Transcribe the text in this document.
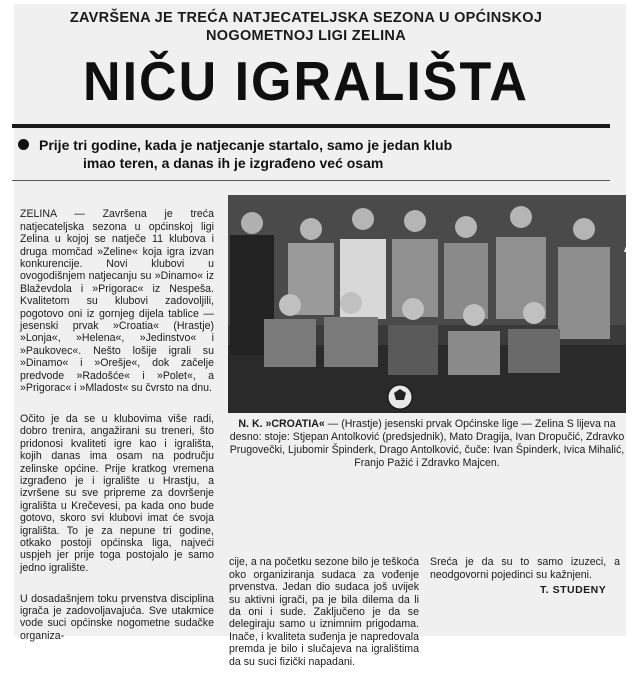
ZAVRŠENA JE TREĆA NATJECATELJSKA SEZONA U OPĆINSKOJ
NOGOMETNOJ LIGI ZELINA
NIČU IGRALIŠTA
Prije tri godine, kada je natjecanje startalo, samo je jedan klub
imao teren, a danas ih je izgrađeno već osam

ZELINA — Završena je treća natjecateljska sezona u općinskoj ligi Zelina u kojoj se natječe 11 klubova i druga momčad »Zeline« koja igra izvan konkurencije. Novi klubovi u ovogodišnjem natjecanju su »Dinamo« iz Blaževdola i »Prigorac« iz Nespeša. Kvalitetom su klubovi zadovoljili, pogotovo oni iz gornjeg dijela tablice — jesenski prvak »Croatia« (Hrastje) »Lonja«, »Helena«, »Jedinstvo« i »Paukovec«. Nešto lošije igrali su »Dinamo« i »Orešje«, dok začelje predvode »Radošće« i »Polet«, a »Prigorac« i »Mladost« su čvrsto na dnu.

Očito je da se u klubovima više radi, dobro trenira, angažirani su treneri, što pridonosi kvaliteti igre kao i igrališta, kojih danas ima osam na području zelinske općine. Prije kratkog vremena izgrađeno je i igralište u Hrastju, a izvršene su sve pripreme za dovršenje igrališta u Krečevesi, pa kada ono bude gotovo, skoro svi klubovi imat će svoja igrališta. To je za nepune tri godine, otkako postoji općinska liga, najveći uspjeh jer prije toga postojalo je samo jedno igralište.

U dosadašnjem toku prvenstva disciplina igrača je zadovoljavajuća. Sve utakmice vode suci općinske nogometne sudačke organiza-

N. K. »CROATIA« — (Hrastje) jesenski prvak Općinske lige — Zelina S lijeva na desno: stoje: Stjepan Antolković (predsjednik), Mato Dragija, Ivan Dropučić, Zdravko Prugovečki, Ljubomir Špinderk, Drago Antolković, čuče: Ivan Špinderk, Ivica Mihalić, Franjo Pažić i Zdravko Majcen.

cije, a na početku sezone bilo je teškoća oko organiziranja sudaca za vođenje prvenstva. Jedan dio sudaca još uvijek su aktivni igrači, pa je bila dilema da li da oni i sude. Zaključeno je da se delegiraju samo u iznimnim prigodama. Inače, i kvaliteta suđenja je napredovala premda je bilo i slučajeva na igralištima da su suci fizički napadani.

Sreća je da su to samo izuzeci, a neodgovorni pojedinci su kažnjeni.

T. STUDENY
